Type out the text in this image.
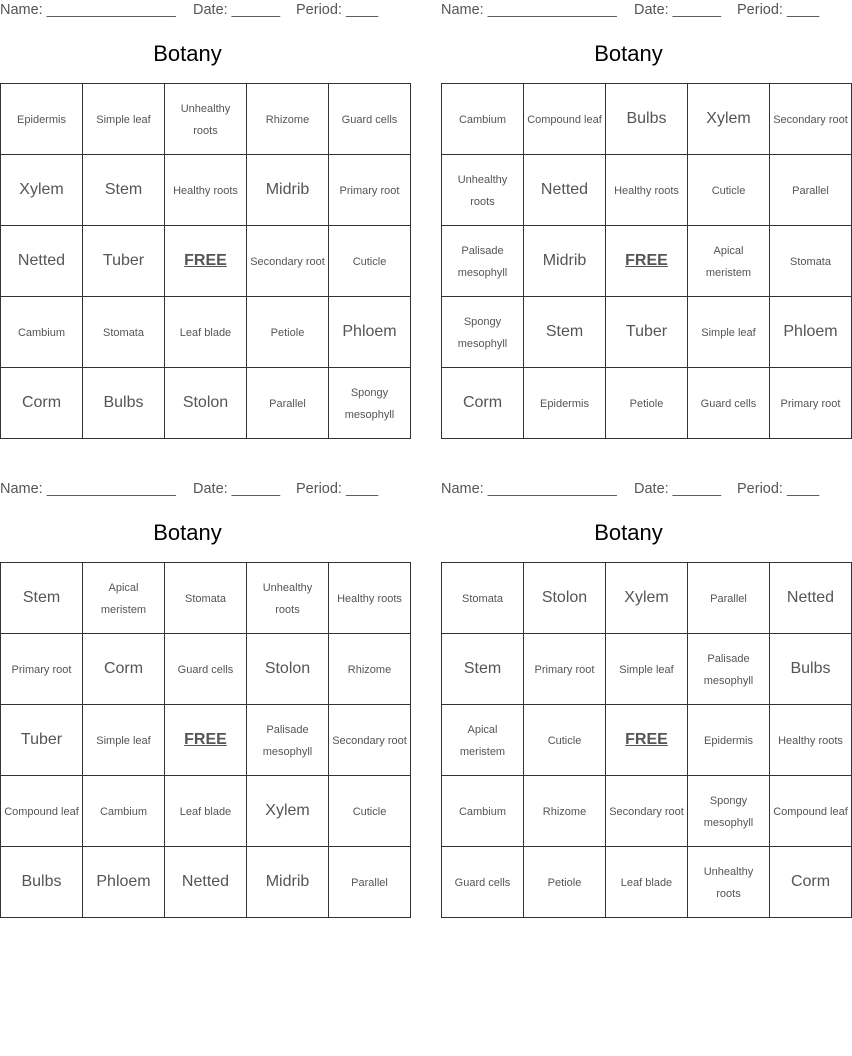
Name: ________________ Date: ______ Period: ____
Botany
Epidermis	Simple leaf	Unhealthy roots	Rhizome	Guard cells
Xylem	Stem	Healthy roots	Midrib	Primary root
Netted	Tuber	FREE	Secondary root	Cuticle
Cambium	Stomata	Leaf blade	Petiole	Phloem
Corm	Bulbs	Stolon	Parallel	Spongy mesophyll
Name: ________________ Date: ______ Period: ____
Botany
Cambium	Compound leaf	Bulbs	Xylem	Secondary root
Unhealthy roots	Netted	Healthy roots	Cuticle	Parallel
Palisade mesophyll	Midrib	FREE	Apical meristem	Stomata
Spongy mesophyll	Stem	Tuber	Simple leaf	Phloem
Corm	Epidermis	Petiole	Guard cells	Primary root
Name: ________________ Date: ______ Period: ____
Botany
Stem	Apical meristem	Stomata	Unhealthy roots	Healthy roots
Primary root	Corm	Guard cells	Stolon	Rhizome
Tuber	Simple leaf	FREE	Palisade mesophyll	Secondary root
Compound leaf	Cambium	Leaf blade	Xylem	Cuticle
Bulbs	Phloem	Netted	Midrib	Parallel
Name: ________________ Date: ______ Period: ____
Botany
Stomata	Stolon	Xylem	Parallel	Netted
Stem	Primary root	Simple leaf	Palisade mesophyll	Bulbs
Apical meristem	Cuticle	FREE	Epidermis	Healthy roots
Cambium	Rhizome	Secondary root	Spongy mesophyll	Compound leaf
Guard cells	Petiole	Leaf blade	Unhealthy roots	Corm
